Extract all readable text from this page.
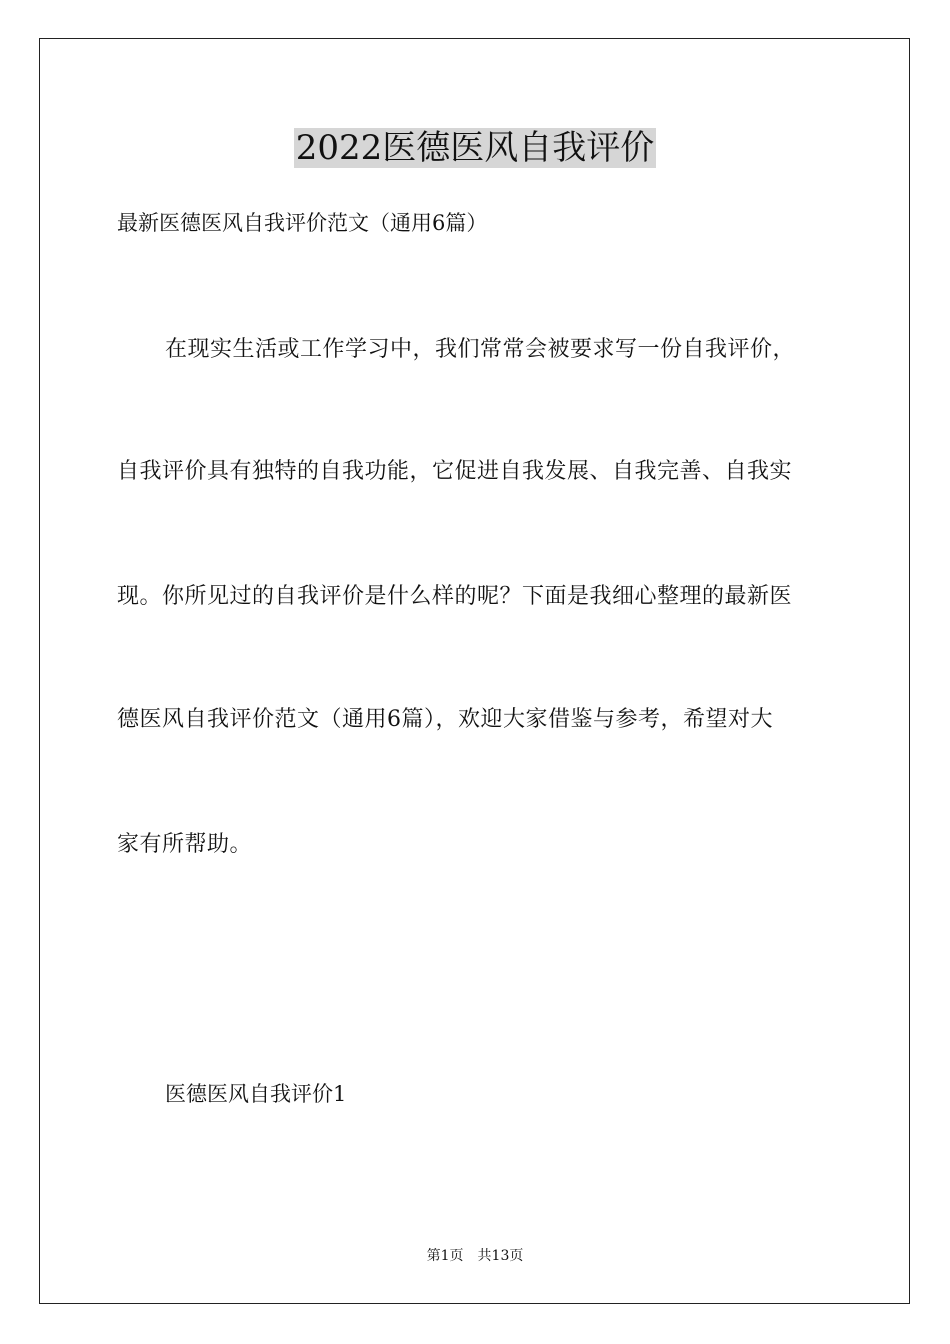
2022医德医风自我评价
最新医德医风自我评价范文（通用6篇）
在现实生活或工作学习中，我们常常会被要求写一份自我评价，
自我评价具有独特的自我功能，它促进自我发展、自我完善、自我实
现。你所见过的自我评价是什么样的呢？下面是我细心整理的最新医
德医风自我评价范文（通用6篇），欢迎大家借鉴与参考，希望对大
家有所帮助。
医德医风自我评价1
第1页 共13页
